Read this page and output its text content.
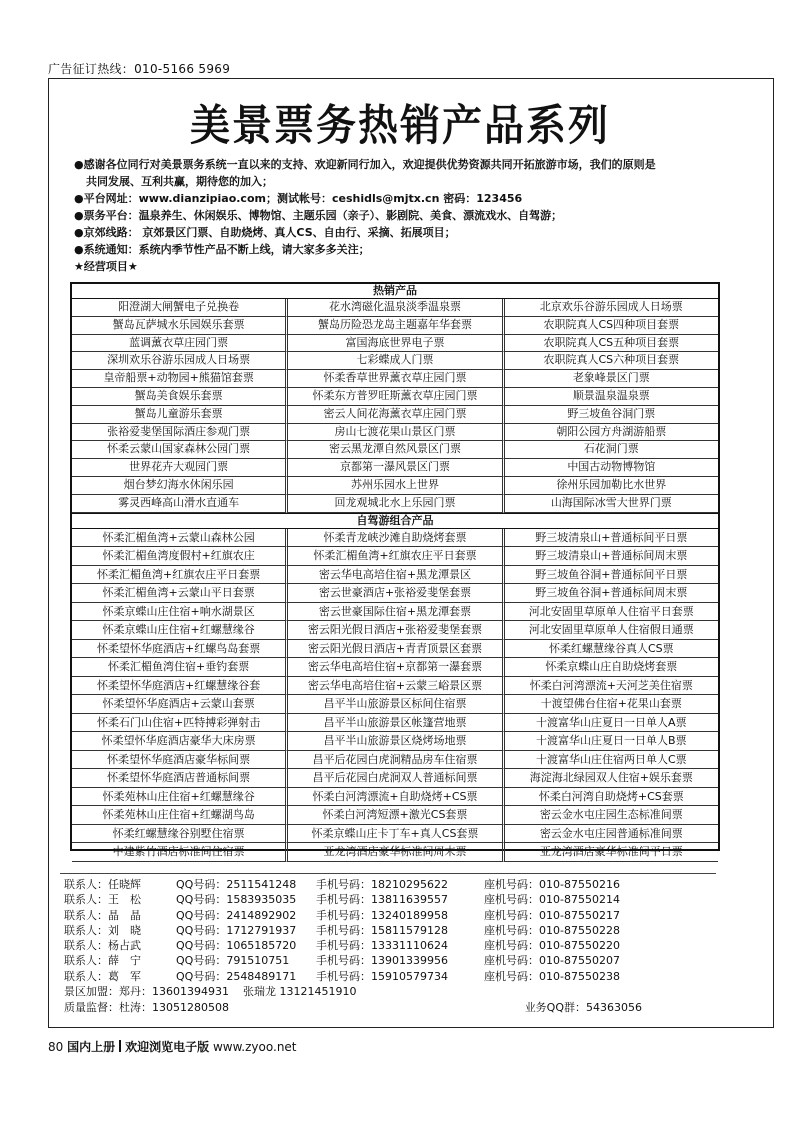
广告征订热线：010-5166 5969
美景票务热销产品系列

●感谢各位同行对美景票务系统一直以来的支持、欢迎新同行加入，欢迎提供优势资源共同开拓旅游市场，我们的原则是

共同发展、互利共赢，期待您的加入；

●平台网址：www.dianzipiao.com；测试帐号：ceshidls@mjtx.cn 密码：123456

●票务平台：温泉养生、休闲娱乐、博物馆、主题乐园（亲子）、影剧院、美食、漂流戏水、自驾游；

●京郊线路： 京郊景区门票、自助烧烤、真人CS、自由行、采摘、拓展项目；

●系统通知：系统内季节性产品不断上线，请大家多多关注；

★经营项目★

热销产品
阳澄湖大闸蟹电子兑换卷	花水湾磁化温泉淡季温泉票	北京欢乐谷游乐园成人日场票
蟹岛瓦萨城水乐园娱乐套票	蟹岛历险恐龙岛主题嘉年华套票	农职院真人CS四种项目套票
蓝调薰衣草庄园门票	富国海底世界电子票	农职院真人CS五种项目套票
深圳欢乐谷游乐园成人日场票	七彩蝶成人门票	农职院真人CS六种项目套票
皇帝船票+动物园+熊猫馆套票	怀柔香草世界薰衣草庄园门票	老象峰景区门票
蟹岛美食娱乐套票	怀柔东方普罗旺斯薰衣草庄园门票	顺景温泉温泉票
蟹岛儿童游乐套票	密云人间花海薰衣草庄园门票	野三坡鱼谷洞门票
张裕爱斐堡国际酒庄参观门票	房山七渡花果山景区门票	朝阳公园方舟湖游船票
怀柔云蒙山国家森林公园门票	密云黑龙潭自然风景区门票	石花洞门票
世界花卉大观园门票	京都第一瀑风景区门票	中国古动物博物馆
烟台梦幻海水休闲乐园	苏州乐园水上世界	徐州乐园加勒比水世界
雾灵西峰高山滑水直通车	回龙观城北水上乐园门票	山海国际冰雪大世界门票
自驾游组合产品
怀柔汇楣鱼湾+云蒙山森林公园	怀柔青龙峡沙滩自助烧烤套票	野三坡清泉山+普通标间平日票
怀柔汇楣鱼湾度假村+红旗农庄	怀柔汇楣鱼湾+红旗农庄平日套票	野三坡清泉山+普通标间周末票
怀柔汇楣鱼湾+红旗农庄平日套票	密云华电高培住宿+黑龙潭景区	野三坡鱼谷洞+普通标间平日票
怀柔汇楣鱼湾+云蒙山平日套票	密云世豪酒店+张裕爱斐堡套票	野三坡鱼谷洞+普通标间周末票
怀柔京蝶山庄住宿+响水湖景区	密云世豪国际住宿+黑龙潭套票	河北安固里草原单人住宿平日套票
怀柔京蝶山庄住宿+红螺慧缘谷	密云阳光假日酒店+张裕爱斐堡套票	河北安固里草原单人住宿假日通票
怀柔望怀华庭酒店+红螺鸟岛套票	密云阳光假日酒店+青青顶景区套票	怀柔红螺慧缘谷真人CS票
怀柔汇楣鱼湾住宿+垂钓套票	密云华电高培住宿+京都第一瀑套票	怀柔京蝶山庄自助烧烤套票
怀柔望怀华庭酒店+红螺慧缘谷套	密云华电高培住宿+云蒙三峪景区票	怀柔白河湾漂流+天河芝美住宿票
怀柔望怀华庭酒店+云蒙山套票	昌平半山旅游景区标间住宿票	十渡望佛台住宿+花果山套票
怀柔石门山住宿+匹特搏彩弹射击	昌平半山旅游景区帐篷营地票	十渡富华山庄夏日一日单人A票
怀柔望怀华庭酒店豪华大床房票	昌平半山旅游景区烧烤场地票	十渡富华山庄夏日一日单人B票
怀柔望怀华庭酒店豪华标间票	昌平后花园白虎涧精品房车住宿票	十渡富华山庄住宿两日单人C票
怀柔望怀华庭酒店普通标间票	昌平后花园白虎涧双人普通标间票	海淀海北绿园双人住宿+娱乐套票
怀柔苑林山庄住宿+红螺慧缘谷	怀柔白河湾漂流+自助烧烤+CS票	怀柔白河湾自助烧烤+CS套票
怀柔苑林山庄住宿+红螺湖鸟岛	怀柔白河湾短漂+激光CS套票	密云金水屯庄园生态标准间票
怀柔红螺慧缘谷别墅住宿票	怀柔京蝶山庄卡丁车+真人CS套票	密云金水屯庄园普通标准间票
中建紫竹酒店标准间住宿票	亚龙湾酒店豪华标准间周末票	亚龙湾酒店豪华标准间平日票
联系人：任晓辉	QQ号码：2511541248	手机号码：18210295622	座机号码：010-87550216
联系人：王　松	QQ号码：1583935035	手机号码：13811639557	座机号码：010-87550214
联系人：晶　晶	QQ号码：2414892902	手机号码：13240189958	座机号码：010-87550217
联系人：刘　晓	QQ号码：1712791937	手机号码：15811579128	座机号码：010-87550228
联系人：杨占武	QQ号码：1065185720	手机号码：13331110624	座机号码：010-87550220
联系人：薛　宁	QQ号码：791510751	手机号码：13901339956	座机号码：010-87550207
联系人：葛　军	QQ号码：2548489171	手机号码：15910579734	座机号码：010-87550238
景区加盟：郑丹：13601394931 张瑞龙 13121451910
质量监督：杜涛：13051280508	业务QQ群：54363056
80 国内上册 欢迎浏览电子版 www.zyoo.net
